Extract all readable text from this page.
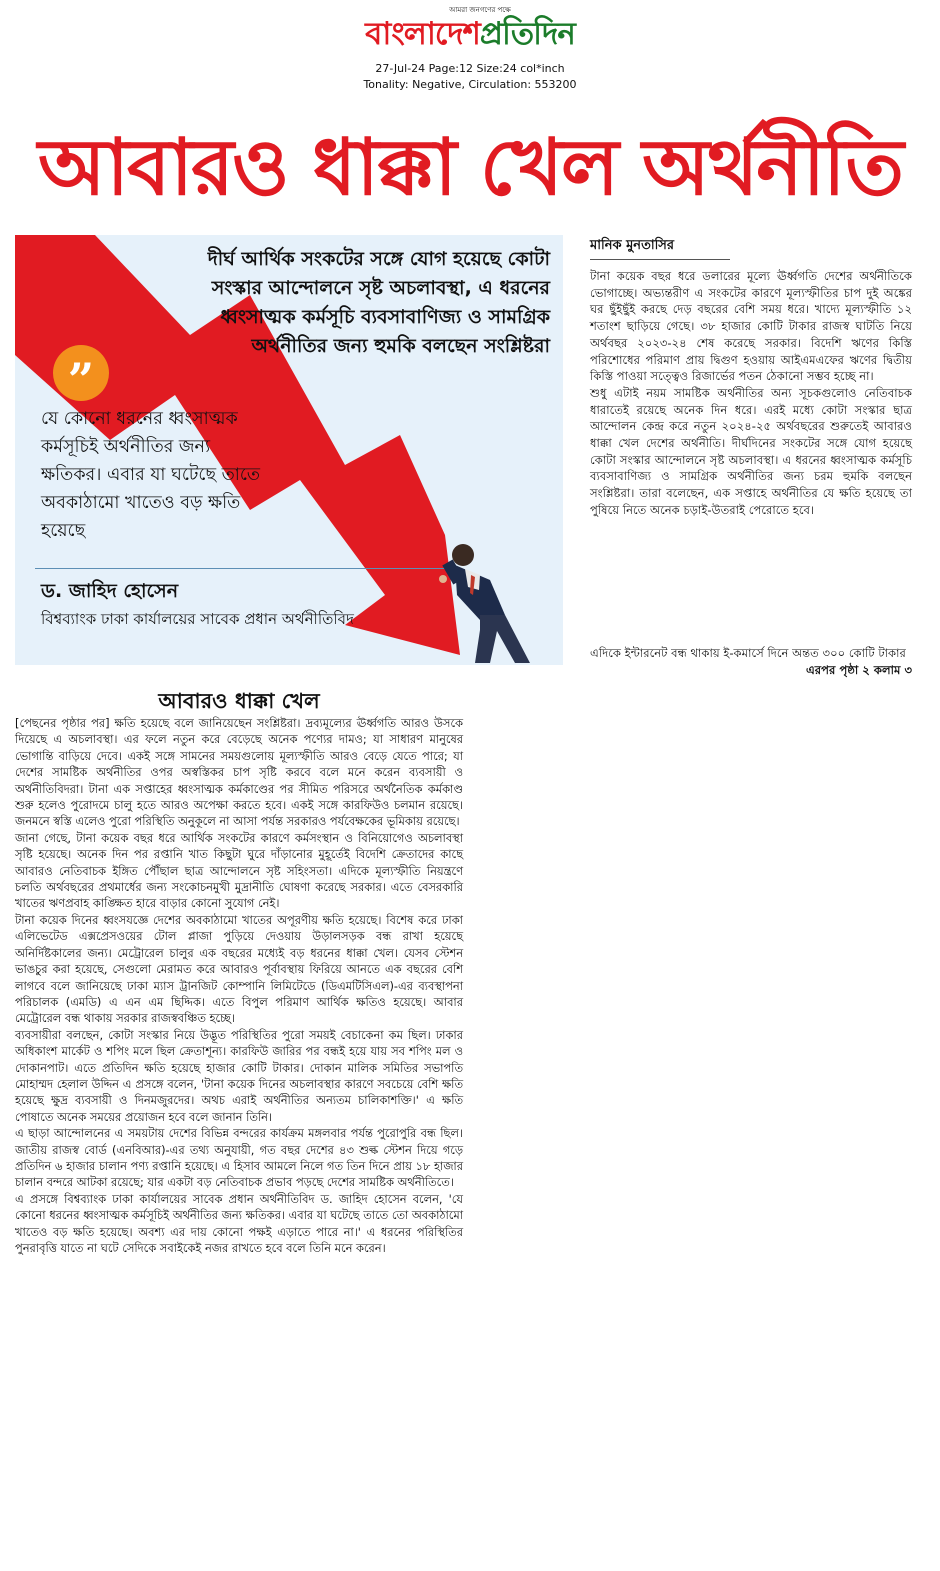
আমরা জনগণের পক্ষে
বাংলাদেশপ্রতিদিন
27-Jul-24 Page:12 Size:24 col*inch
Tonality: Negative, Circulation: 553200
আবারও ধাক্কা খেল অর্থনীতি
দীর্ঘ আর্থিক সংকটের সঙ্গে যোগ হয়েছে কোটা সংস্কার আন্দোলনে সৃষ্ট অচলাবস্থা, এ ধরনের ধ্বংসাত্মক কর্মসূচি ব্যবসাবাণিজ্য ও সামগ্রিক অর্থনীতির জন্য হুমকি বলছেন সংশ্লিষ্টরা
”
যে কোনো ধরনের ধ্বংসাত্মক কর্মসূচিই অর্থনীতির জন্য ক্ষতিকর। এবার যা ঘটেছে তাতে অবকাঠামো খাতেও বড় ক্ষতি হয়েছে
ড. জাহিদ হোসেন
বিশ্বব্যাংক ঢাকা কার্যালয়ের সাবেক প্রধান অর্থনীতিবিদ
মানিক মুনতাসির

টানা কয়েক বছর ধরে ডলারের মূল্যে ঊর্ধ্বগতি দেশের অর্থনীতিকে ভোগাচ্ছে। অভ্যন্তরীণ এ সংকটের কারণে মূল্যস্ফীতির চাপ দুই অঙ্কের ঘর ছুঁইছুঁই করছে দেড় বছরের বেশি সময় ধরে। খাদ্যে মূল্যস্ফীতি ১২ শতাংশ ছাড়িয়ে গেছে। ৩৮ হাজার কোটি টাকার রাজস্ব ঘাটতি নিয়ে অর্থবছর ২০২৩-২৪ শেষ করেছে সরকার। বিদেশি ঋণের কিস্তি পরিশোধের পরিমাণ প্রায় দ্বিগুণ হওয়ায় আইএমএফের ঋণের দ্বিতীয় কিস্তি পাওয়া সত্ত্বেও রিজার্ভের পতন ঠেকানো সম্ভব হচ্ছে না।

শুধু এটাই নয়ম সামষ্টিক অর্থনীতির অন্য সূচকগুলোও নেতিবাচক ধারাতেই রয়েছে অনেক দিন ধরে। এরই মধ্যে কোটা সংস্কার ছাত্র আন্দোলন কেন্দ্র করে নতুন ২০২৪-২৫ অর্থবছরের শুরুতেই আবারও ধাক্কা খেল দেশের অর্থনীতি। দীর্ঘদিনের সংকটের সঙ্গে যোগ হয়েছে কোটা সংস্কার আন্দোলনে সৃষ্ট অচলাবস্থা। এ ধরনের ধ্বংসাত্মক কর্মসূচি ব্যবসাবাণিজ্য ও সামগ্রিক অর্থনীতির জন্য চরম হুমকি বলছেন সংশ্লিষ্টরা। তারা বলেছেন, এক সপ্তাহে অর্থনীতির যে ক্ষতি হয়েছে তা পুষিয়ে নিতে অনেক চড়াই-উতরাই পেরোতে হবে।

এদিকে ইন্টারনেট বন্ধ থাকায় ই-কমার্সে দিনে অন্তত ৩০০ কোটি টাকার
এরপর পৃষ্ঠা ২ কলাম ৩
আবারও ধাক্কা খেল

[পেছনের পৃষ্ঠার পর] ক্ষতি হয়েছে বলে জানিয়েছেন সংশ্লিষ্টরা। দ্রব্যমূল্যের ঊর্ধ্বগতি আরও উসকে দিয়েছে এ অচলাবস্থা। এর ফলে নতুন করে বেড়েছে অনেক পণ্যের দামও; যা সাধারণ মানুষের ভোগান্তি বাড়িয়ে দেবে। একই সঙ্গে সামনের সময়গুলোয় মূল্যস্ফীতি আরও বেড়ে যেতে পারে; যা দেশের সামষ্টিক অর্থনীতির ওপর অস্বস্তিকর চাপ সৃষ্টি করবে বলে মনে করেন ব্যবসায়ী ও অর্থনীতিবিদরা। টানা এক সপ্তাহের ধ্বংসাত্মক কর্মকাণ্ডের পর সীমিত পরিসরে অর্থনৈতিক কর্মকাণ্ড শুরু হলেও পুরোদমে চালু হতে আরও অপেক্ষা করতে হবে। একই সঙ্গে কারফিউও চলমান রয়েছে। জনমনে স্বস্তি এলেও পুরো পরিস্থিতি অনুকূলে না আসা পর্যন্ত সরকারও পর্যবেক্ষকের ভূমিকায় রয়েছে।

জানা গেছে, টানা কয়েক বছর ধরে আর্থিক সংকটের কারণে কর্মসংস্থান ও বিনিয়োগেও অচলাবস্থা সৃষ্টি হয়েছে। অনেক দিন পর রপ্তানি খাত কিছুটা ঘুরে দাঁড়ানোর মুহূর্তেই বিদেশি ক্রেতাদের কাছে আবারও নেতিবাচক ইঙ্গিত পৌঁছাল ছাত্র আন্দোলনে সৃষ্ট সহিংসতা। এদিকে মূল্যস্ফীতি নিয়ন্ত্রণে চলতি অর্থবছরের প্রথমার্ধের জন্য সংকোচনমুখী মুদ্রানীতি ঘোষণা করেছে সরকার। এতে বেসরকারি খাতের ঋণপ্রবাহ কাঙ্ক্ষিত হারে বাড়ার কোনো সুযোগ নেই।

টানা কয়েক দিনের ধ্বংসযজ্ঞে দেশের অবকাঠামো খাতের অপূরণীয় ক্ষতি হয়েছে। বিশেষ করে ঢাকা এলিভেটেড এক্সপ্রেসওয়ের টোল প্লাজা পুড়িয়ে দেওয়ায় উড়ালসড়ক বন্ধ রাখা হয়েছে অনির্দিষ্টকালের জন্য। মেট্রোরেল চালুর এক বছরের মধ্যেই বড় ধরনের ধাক্কা খেল। যেসব স্টেশন ভাঙচুর করা হয়েছে, সেগুলো মেরামত করে আবারও পূর্বাবস্থায় ফিরিয়ে আনতে এক বছরের বেশি লাগবে বলে জানিয়েছে ঢাকা ম্যাস ট্রানজিট কোম্পানি লিমিটেডে (ডিএমটিসিএল)-এর ব্যবস্থাপনা পরিচালক (এমডি) এ এন এম ছিদ্দিক। এতে বিপুল পরিমাণ আর্থিক ক্ষতিও হয়েছে। আবার মেট্রোরেল বন্ধ থাকায় সরকার রাজস্ববঞ্চিত হচ্ছে।

ব্যবসায়ীরা বলছেন, কোটা সংস্কার নিয়ে উদ্ভূত পরিস্থিতির পুরো সময়ই বেচাকেনা কম ছিল। ঢাকার অধিকাংশ মার্কেট ও শপিং মলে ছিল ক্রেতাশূন্য। কারফিউ জারির পর বন্ধই হয়ে যায় সব শপিং মল ও দোকানপাট। এতে প্রতিদিন ক্ষতি হয়েছে হাজার কোটি টাকার। দোকান মালিক সমিতির সভাপতি মোহাম্মদ হেলাল উদ্দিন এ প্রসঙ্গে বলেন, 'টানা কয়েক দিনের অচলাবস্থার কারণে সবচেয়ে বেশি ক্ষতি হয়েছে ক্ষুদ্র ব্যবসায়ী ও দিনমজুরদের। অথচ এরাই অর্থনীতির অন্যতম চালিকাশক্তি।' এ ক্ষতি পোষাতে অনেক সময়ের প্রয়োজন হবে বলে জানান তিনি।

এ ছাড়া আন্দোলনের এ সময়টায় দেশের বিভিন্ন বন্দরের কার্যক্রম মঙ্গলবার পর্যন্ত পুরোপুরি বন্ধ ছিল। জাতীয় রাজস্ব বোর্ড (এনবিআর)-এর তথ্য অনুযায়ী, গত বছর দেশের ৪৩ শুল্ক স্টেশন দিয়ে গড়ে প্রতিদিন ৬ হাজার চালান পণ্য রপ্তানি হয়েছে। এ হিসাব আমলে নিলে গত তিন দিনে প্রায় ১৮ হাজার চালান বন্দরে আটকা রয়েছে; যার একটা বড় নেতিবাচক প্রভাব পড়ছে দেশের সামষ্টিক অর্থনীতিতে।

এ প্রসঙ্গে বিশ্বব্যাংক ঢাকা কার্যালয়ের সাবেক প্রধান অর্থনীতিবিদ ড. জাহিদ হোসেন বলেন, 'যে কোনো ধরনের ধ্বংসাত্মক কর্মসূচিই অর্থনীতির জন্য ক্ষতিকর। এবার যা ঘটেছে তাতে তো অবকাঠামো খাতেও বড় ক্ষতি হয়েছে। অবশ্য এর দায় কোনো পক্ষই এড়াতে পারে না।' এ ধরনের পরিস্থিতির পুনরাবৃত্তি যাতে না ঘটে সেদিকে সবাইকেই নজর রাখতে হবে বলে তিনি মনে করেন।
